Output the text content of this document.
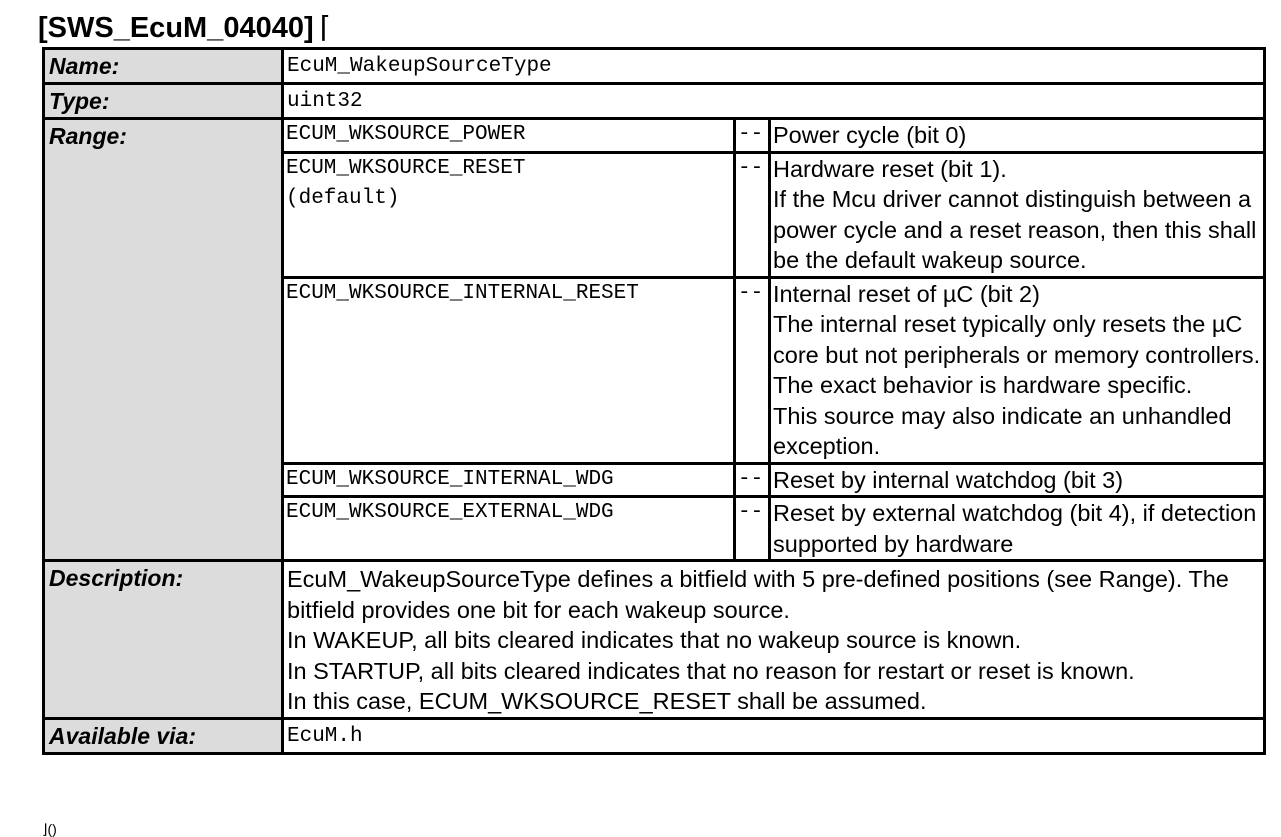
[SWS_EcuM_04040] ⌈
Name:	EcuM_WakeupSourceType
Type:	uint32
Range:		ECUM_WKSOURCE_POWER	--	Power cycle (bit 0)
ECUM_WKSOURCE_RESET
(default)	--	Hardware reset (bit 1).
If the Mcu driver cannot distinguish between a power cycle and a reset reason, then this shall be the default wakeup source.
ECUM_WKSOURCE_INTERNAL_RESET	--	Internal reset of µC (bit 2)
The internal reset typically only resets the µC core but not peripherals or memory controllers. The exact behavior is hardware specific.
This source may also indicate an unhandled exception.
ECUM_WKSOURCE_INTERNAL_WDG	--	Reset by internal watchdog (bit 3)
ECUM_WKSOURCE_EXTERNAL_WDG	--	Reset by external watchdog (bit 4), if detection supported by hardware

Description:	EcuM_WakeupSourceType defines a bitfield with 5 pre-defined positions (see Range). The bitfield provides one bit for each wakeup source.
In WAKEUP, all bits cleared indicates that no wakeup source is known.
In STARTUP, all bits cleared indicates that no reason for restart or reset is known.
In this case, ECUM_WKSOURCE_RESET shall be assumed.
Available via:	EcuM.h
⌋()
